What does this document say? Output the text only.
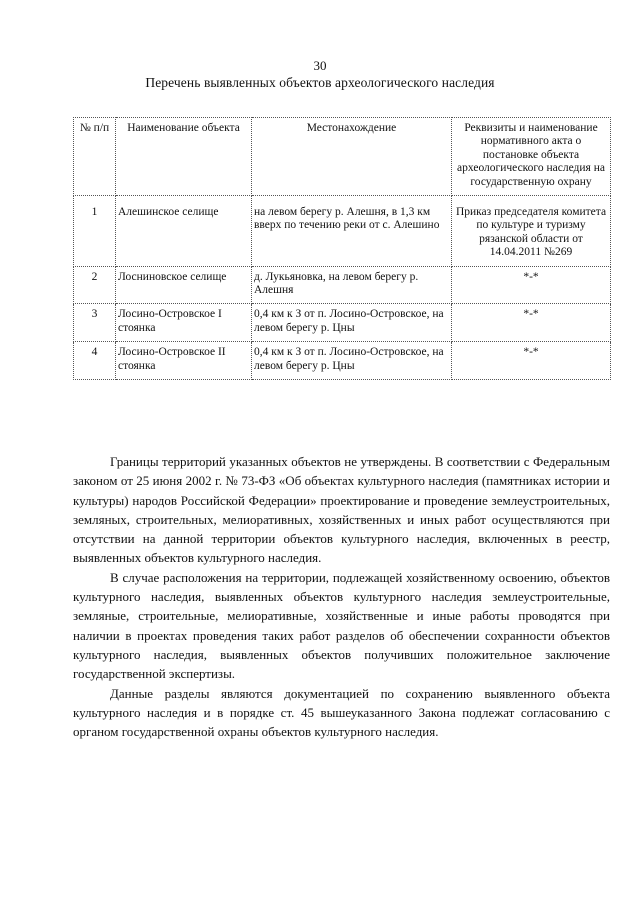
30
Перечень выявленных объектов археологического наследия
№ п/п	Наименование объекта	Местонахождение	Реквизиты и наименование нормативного акта о постановке объекта археологического наследия на государственную охрану
1	Алешинское селище	на левом берегу р. Алешня, в 1,3 км вверх по течению реки от с. Алешино	Приказ председателя комитета по культуре и туризму рязанской области от 14.04.2011 №269
2	Лосниновское селище	д. Лукьяновка, на левом берегу р. Алешня	*-*
3	Лосино-Островское I стоянка	0,4 км к З от п. Лосино-Островское, на левом берегу р. Цны	*-*
4	Лосино-Островское II стоянка	0,4 км к З от п. Лосино-Островское, на левом берегу р. Цны	*-*

Границы территорий указанных объектов не утверждены. В соответствии с Федеральным законом от 25 июня 2002 г. № 73-ФЗ «Об объектах культурного наследия (памятниках истории и культуры) народов Российской Федерации» проектирование и проведение землеустроительных, земляных, строительных, мелиоративных, хозяйственных и иных работ осуществляются при отсутствии на данной территории объектов культурного наследия, включенных в реестр, выявленных объектов культурного наследия.

В случае расположения на территории, подлежащей хозяйственному освоению, объектов культурного наследия, выявленных объектов культурного наследия землеустроительные, земляные, строительные, мелиоративные, хозяйственные и иные работы проводятся при наличии в проектах проведения таких работ разделов об обеспечении сохранности объектов культурного наследия, выявленных объектов получивших положительное заключение государственной экспертизы.

Данные разделы являются документацией по сохранению выявленного объекта культурного наследия и в порядке ст. 45 вышеуказанного Закона подлежат согласованию с органом государственной охраны объектов культурного наследия.
